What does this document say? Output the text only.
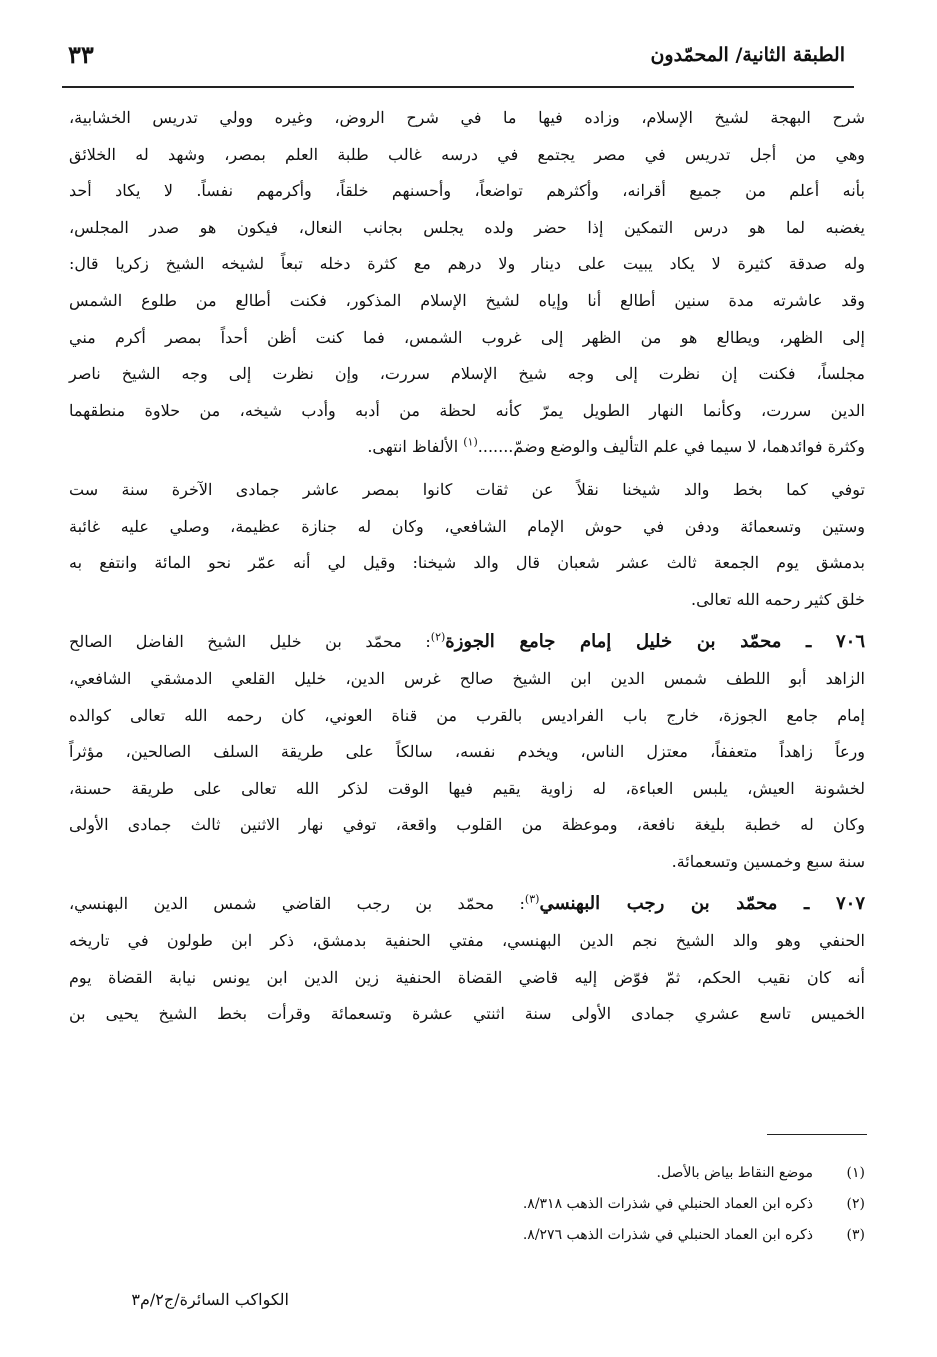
الطبقة الثانية/ المحمّدون
٣٣
شرح البهجة لشيخ الإسلام، وزاده فيها ما في شرح الروض، وغيره وولي تدريس الخشابية،
وهي من أجل تدريس في مصر يجتمع في درسه غالب طلبة العلم بمصر، وشهد له الخلائق
بأنه أعلم من جميع أقرانه، وأكثرهم تواضعاً، وأحسنهم خلقاً، وأكرمهم نفساً. لا يكاد أحد
يغضبه لما هو درس التمكين إذا حضر ولده يجلس بجانب النعال، فيكون هو صدر المجلس،
وله صدقة كثيرة لا يكاد يبيت على دينار ولا درهم مع كثرة دخله تبعاً لشيخه الشيخ زكريا قال:
وقد عاشرته مدة سنين أطالع أنا وإياه لشيخ الإسلام المذكور، فكنت أطالع من طلوع الشمس
إلى الظهر، ويطالع هو من الظهر إلى غروب الشمس، فما كنت أظن أحداً بمصر أكرم مني
مجلساً، فكنت إن نظرت إلى وجه شيخ الإسلام سررت، وإن نظرت إلى وجه الشيخ ناصر
الدين سررت، وكأنما النهار الطويل يمرّ كأنه لحظة من أدبه وأدب شيخه، من حلاوة منطقهما
وكثرة فوائدهما، لا سيما في علم التأليف والوضع وضمّ.......$^{(١)}$ الألفاظ انتهى.
توفي كما بخط والد شيخنا نقلاً عن ثقات كانوا بمصر عاشر جمادى الآخرة سنة ست
وستين وتسعمائة ودفن في حوش الإمام الشافعي، وكان له جنازة عظيمة، وصلي عليه غائبة
بدمشق يوم الجمعة ثالث عشر شعبان قال والد شيخنا: وقيل لي أنه عمّر نحو المائة وانتفع به
خلق كثير رحمه الله تعالى.
٧٠٦ ـ محمّد بن خليل إمام جامع الجوزة$^{(٢)}$: محمّد بن خليل الشيخ الفاضل الصالح
الزاهد أبو اللطف شمس الدين ابن الشيخ صالح غرس الدين، خليل القلعي الدمشقي الشافعي،
إمام جامع الجوزة، خارج باب الفراديس بالقرب من قناة العوني، كان رحمه الله تعالى كوالده
ورعاً زاهداً متعففاً، معتزل الناس، ويخدم نفسه، سالكاً على طريقة السلف الصالحين، مؤثراً
لخشونة العيش، يلبس العباءة، له زاوية يقيم فيها الوقت لذكر الله تعالى على طريقة حسنة،
وكان له خطبة بليغة نافعة، وموعظة من القلوب واقعة، توفي نهار الاثنين ثالث جمادى الأولى
سنة سبع وخمسين وتسعمائة.
٧٠٧ ـ محمّد بن رجب البهنسي$^{(٣)}$: محمّد بن رجب القاضي شمس الدين البهنسي،
الحنفي وهو والد الشيخ نجم الدين البهنسي، مفتي الحنفية بدمشق، ذكر ابن طولون في تاريخه
أنه كان نقيب الحكم، ثمّ فوّض إليه قاضي القضاة الحنفية زين الدين ابن يونس نيابة القضاة يوم
الخميس تاسع عشري جمادى الأولى سنة اثنتي عشرة وتسعمائة وقرأت بخط الشيخ يحيى بن
(١)موضع النقاط بياض بالأصل.
(٢)ذكره ابن العماد الحنبلي في شذرات الذهب ٨/٣١٨.
(٣)ذكره ابن العماد الحنبلي في شذرات الذهب ٨/٢٧٦.
الكواكب السائرة/ج٢/م٣
